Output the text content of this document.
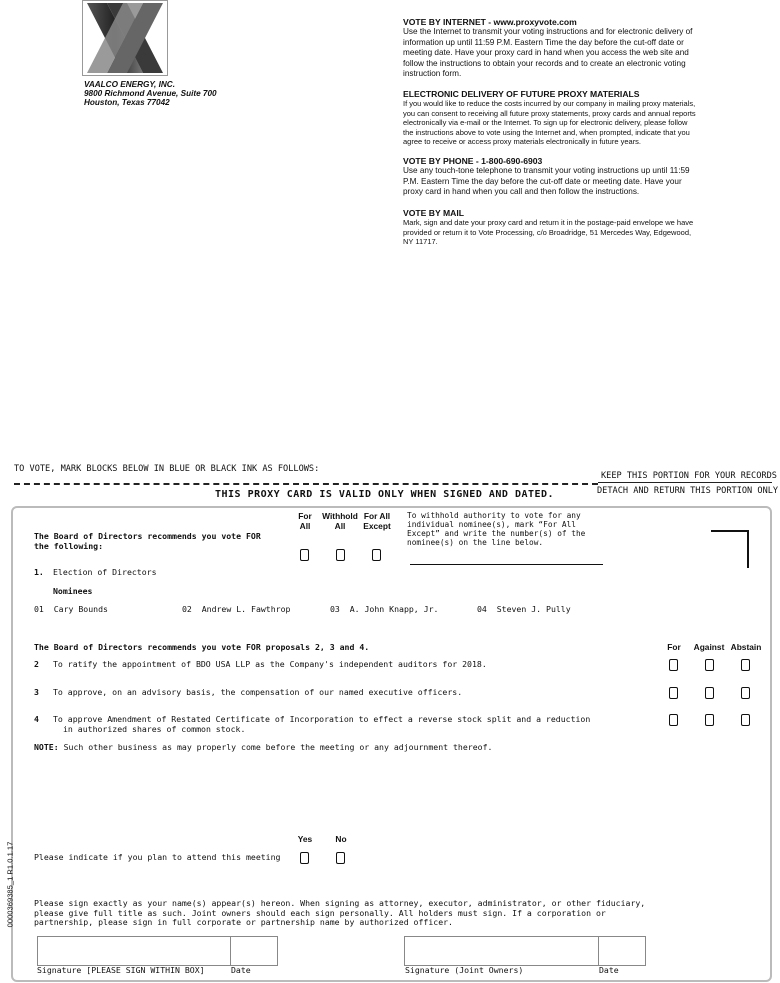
VAALCO ENERGY, INC.
9800 Richmond Avenue, Suite 700
Houston, Texas 77042
VOTE BY INTERNET - www.proxyvote.com
Use the Internet to transmit your voting instructions and for electronic delivery of
information up until 11:59 P.M. Eastern Time the day before the cut-off date or
meeting date. Have your proxy card in hand when you access the web site and
follow the instructions to obtain your records and to create an electronic voting
instruction form.
ELECTRONIC DELIVERY OF FUTURE PROXY MATERIALS
If you would like to reduce the costs incurred by our company in mailing proxy materials,
you can consent to receiving all future proxy statements, proxy cards and annual reports
electronically via e-mail or the Internet. To sign up for electronic delivery, please follow
the instructions above to vote using the Internet and, when prompted, indicate that you
agree to receive or access proxy materials electronically in future years.
VOTE BY PHONE - 1-800-690-6903
Use any touch-tone telephone to transmit your voting instructions up until 11:59
P.M. Eastern Time the day before the cut-off date or meeting date. Have your
proxy card in hand when you call and then follow the instructions.
VOTE BY MAIL
Mark, sign and date your proxy card and return it in the postage-paid envelope we have
provided or return it to Vote Processing, c/o Broadridge, 51 Mercedes Way, Edgewood,
NY 11717.
TO VOTE, MARK BLOCKS BELOW IN BLUE OR BLACK INK AS FOLLOWS:
KEEP THIS PORTION FOR YOUR RECORDS
DETACH AND RETURN THIS PORTION ONLY
THIS PROXY CARD IS VALID ONLY WHEN SIGNED AND DATED.
The Board of Directors recommends you vote FOR
the following:
For
All
Withhold
All
For All
Except
To withhold authority to vote for any
individual nominee(s), mark “For All
Except” and write the number(s) of the
nominee(s) on the line below.
1. Election of Directors
Nominees
01 Cary Bounds	02 Andrew L. Fawthrop	03 A. John Knapp, Jr.	04 Steven J. Pully
The Board of Directors recommends you vote FOR proposals 2, 3 and 4.	For	Against Abstain
2 To ratify the appointment of BDO USA LLP as the Company's independent auditors for 2018.
3 To approve, on an advisory basis, the compensation of our named executive officers.
4 To approve Amendment of Restated Certificate of Incorporation to effect a reverse stock split and a reduction
in authorized shares of common stock.
NOTE: Such other business as may properly come before the meeting or any adjournment thereof.
Yes	No
Please indicate if you plan to attend this meeting
Please sign exactly as your name(s) appear(s) hereon. When signing as attorney, executor, administrator, or other fiduciary,
please give full title as such. Joint owners should each sign personally. All holders must sign. If a corporation or
partnership, please sign in full corporate or partnership name by authorized officer.
Signature [PLEASE SIGN WITHIN BOX]	Date	Signature (Joint Owners)	Date
0000369385_1 R1.0.1.17
